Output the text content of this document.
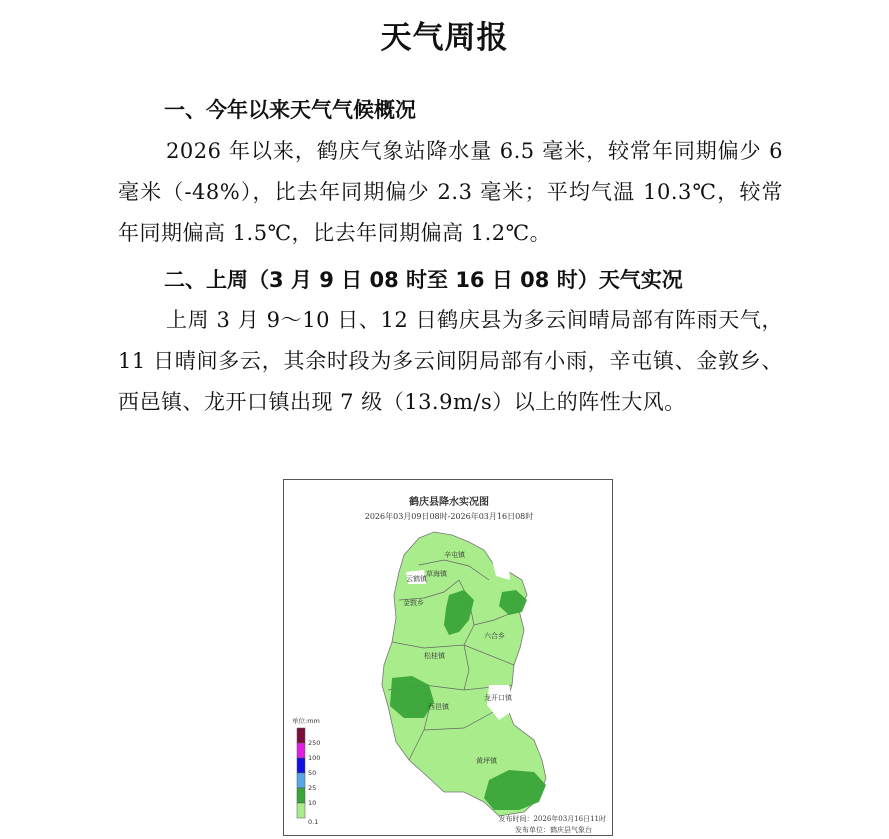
天气周报
一、今年以来天气气候概况
2026 年以来，鹤庆气象站降水量 6.5 毫米，较常年同期偏少 6 毫米（-48%），比去年同期偏少 2.3 毫米；平均气温 10.3℃，较常年同期偏高 1.5℃，比去年同期偏高 1.2℃。
二、上周（3 月 9 日 08 时至 16 日 08 时）天气实况
上周 3 月 9～10 日、12 日鹤庆县为多云间晴局部有阵雨天气，11 日晴间多云，其余时段为多云间阴局部有小雨，辛屯镇、金敦乡、西邑镇、龙开口镇出现 7 级（13.9m/s）以上的阵性大风。
鹤庆县降水实况图
2026年03月09日08时-2026年03月16日08时
辛屯镇
草海镇
云鹤镇
金敦乡
六合乡
松桂镇
龙开口镇
西邑镇
黄坪镇
单位:mm
250
100
50
25
10
0.1	发布时间：2026年03月16日11时
发布单位：鹤庆县气象台
